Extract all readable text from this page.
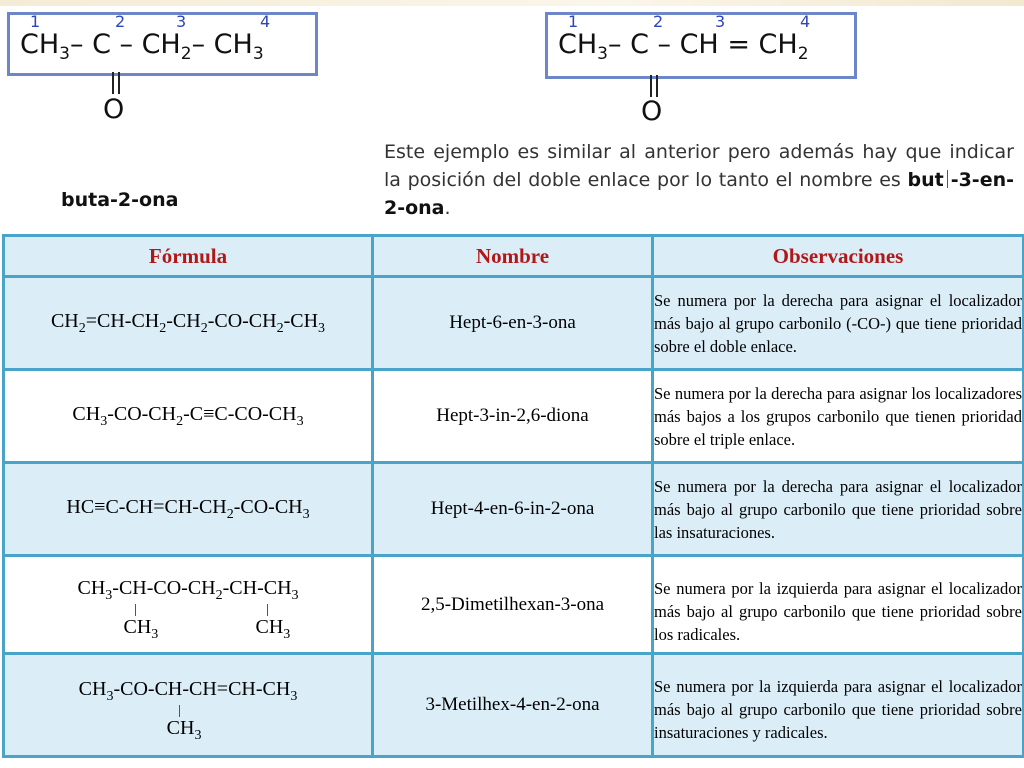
1	2	3	4
$CH_3-$ C – $CH_2-$ $CH_3$
O
buta-2-ona
1	2	3	4
$CH_3-$ C – CH = $CH_2$
O
Este ejemplo es similar al anterior pero además hay que indicar la posición del doble enlace por lo tanto el nombre es but -3-en-2-ona.
Fórmula	Nombre	Observaciones
$CH_2=CH-CH_2-CH_2-CO-CH_2-CH_3$	Hept-6-en-3-ona	Se numera por la derecha para asignar el localizador más bajo al grupo carbonilo (-CO-) que tiene prioridad sobre el doble enlace.
$CH_3-CO-CH_2-C\equiv C-CO-CH_3$	Hept-3-in-2,6-diona	Se numera por la derecha para asignar los localizadores más bajos a los grupos carbonilo que tienen prioridad sobre el triple enlace.
$HC\equiv C-CH=CH-CH_2-CO-CH_3$	Hept-4-en-6-in-2-ona	Se numera por la derecha para asignar el localizador más bajo al grupo carbonilo que tiene prioridad sobre las insaturaciones.

$CH_3-CH-CO-CH_2-CH-CH_3$
$CH_3$ $CH_3$	2,5-Dimetilhexan-3-ona	Se numera por la izquierda para asignar el localizador más bajo al grupo carbonilo que tiene prioridad sobre los radicales.

$CH_3-CO-CH-CH=CH-CH_3$
$CH_3$	3-Metilhex-4-en-2-ona	Se numera por la izquierda para asignar el localizador más bajo al grupo carbonilo que tiene prioridad sobre insaturaciones y radicales.
